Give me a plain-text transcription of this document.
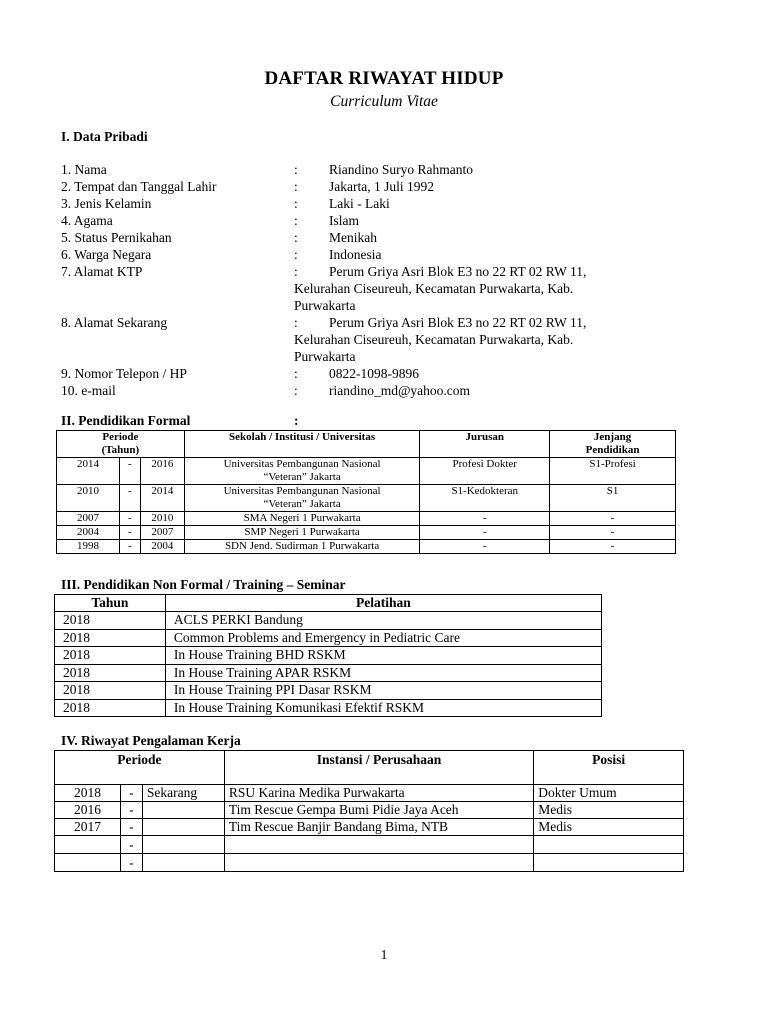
DAFTAR RIWAYAT HIDUP
Curriculum Vitae
I. Data Pribadi
1. Nama	:	Riandino Suryo Rahmanto
2. Tempat dan Tanggal Lahir	:	Jakarta, 1 Juli 1992
3. Jenis Kelamin	:	Laki - Laki
4. Agama	:	Islam
5. Status Pernikahan	:	Menikah
6. Warga Negara	:	Indonesia
7. Alamat KTP	:	Perum Griya Asri Blok E3 no 22 RT 02 RW 11,
Kelurahan Ciseureuh, Kecamatan Purwakarta, Kab.
Purwakarta
8. Alamat Sekarang	:	Perum Griya Asri Blok E3 no 22 RT 02 RW 11,
Kelurahan Ciseureuh, Kecamatan Purwakarta, Kab.
Purwakarta
9. Nomor Telepon / HP	:	0822-1098-9896
10. e-mail	:	riandino_md@yahoo.com
II. Pendidikan Formal	:
Periode
(Tahun)			Sekolah / Institusi / Universitas	Jurusan	Jenjang
Pendidikan
2014	-	2016	Universitas Pembangunan Nasional
“Veteran” Jakarta	Profesi Dokter	S1-Profesi
2010	-	2014	Universitas Pembangunan Nasional
“Veteran” Jakarta	S1-Kedokteran	S1
2007	-	2010	SMA Negeri 1 Purwakarta	-	-
2004	-	2007	SMP Negeri 1 Purwakarta	-	-
1998	-	2004	SDN Jend. Sudirman 1 Purwakarta	-	-
III. Pendidikan Non Formal / Training – Seminar
Tahun	Pelatihan
2018	ACLS PERKI Bandung
2018	Common Problems and Emergency in Pediatric Care
2018	In House Training BHD RSKM
2018	In House Training APAR RSKM
2018	In House Training PPI Dasar RSKM
2018	In House Training Komunikasi Efektif RSKM
IV. Riwayat Pengalaman Kerja
Periode			Instansi / Perusahaan	Posisi
2018	-	Sekarang	RSU Karina Medika Purwakarta	Dokter Umum
2016	-		Tim Rescue Gempa Bumi Pidie Jaya Aceh	Medis
2017	-		Tim Rescue Banjir Bandang Bima, NTB	Medis
	-			
	-			
1
